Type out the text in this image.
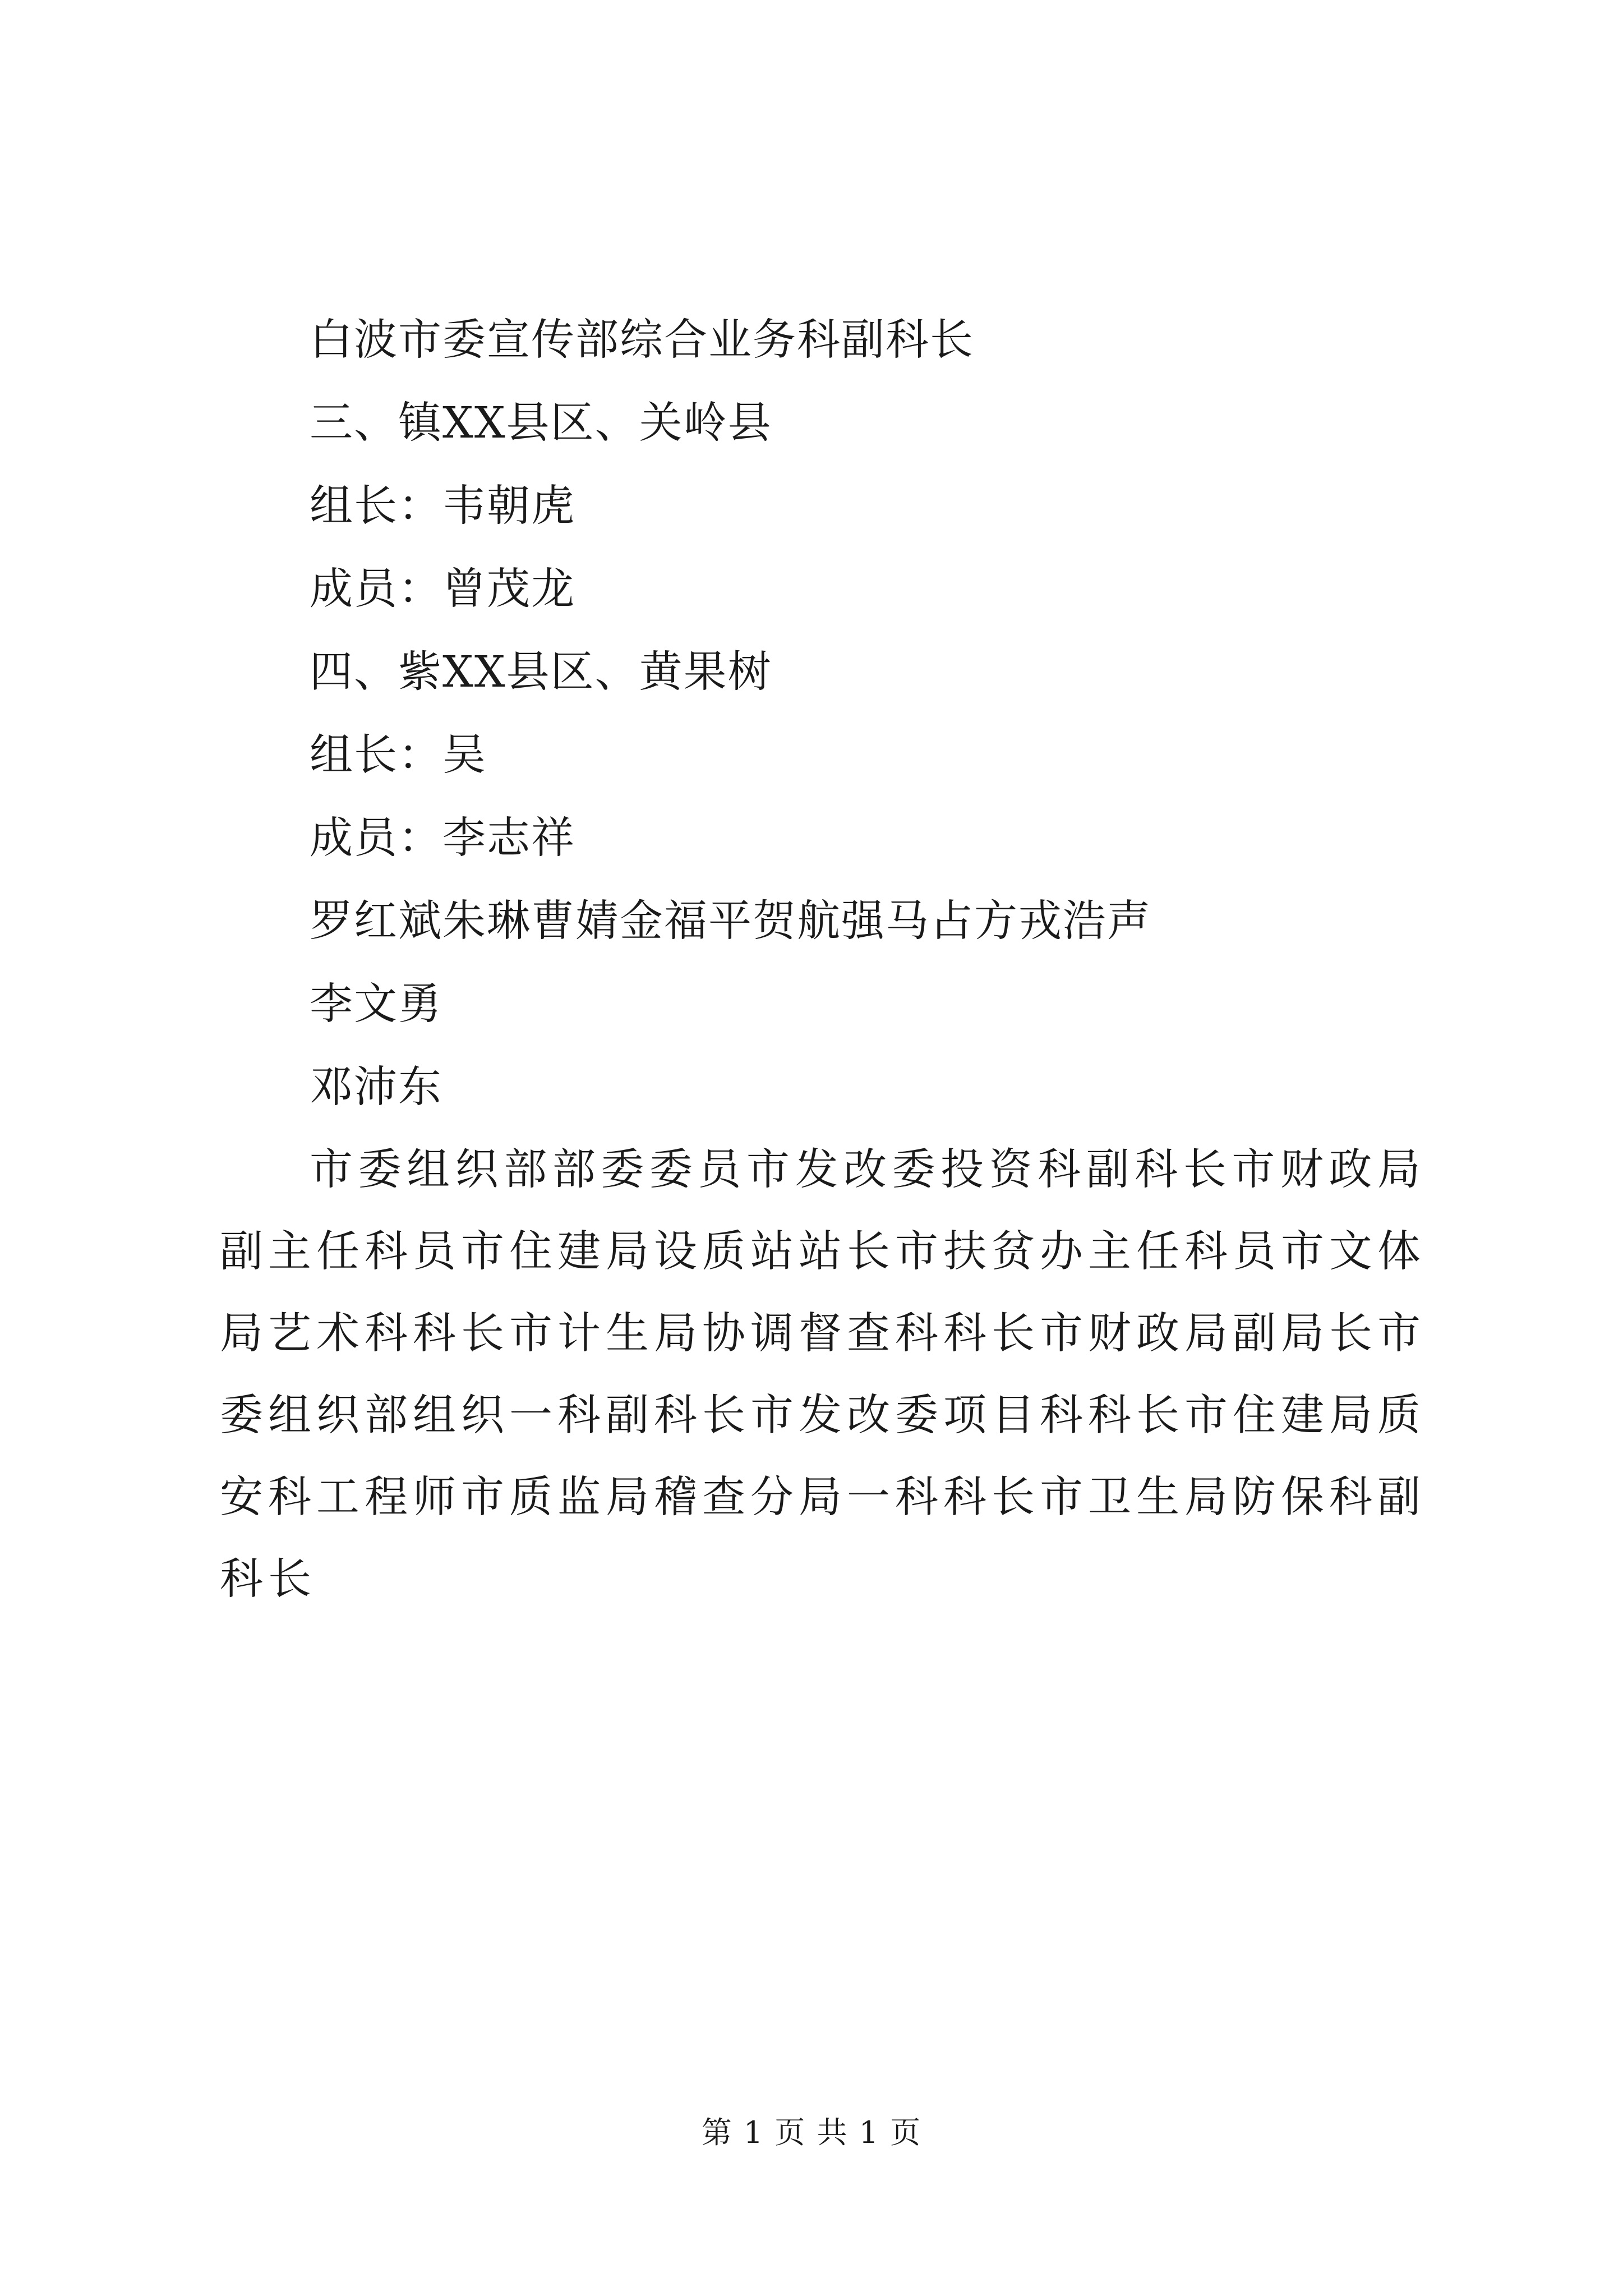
白波市委宣传部综合业务科副科长
三、镇XX县区、关岭县
组长：韦朝虎
成员：曾茂龙
四、紫XX县区、黄果树
组长：吴
成员：李志祥
罗红斌朱琳曹婧金福平贺航强马占方戎浩声
李文勇
邓沛东

市委组织部部委委员市发改委投资科副科长市财政局副主任科员市住建局设质站站长市扶贫办主任科员市文体局艺术科科长市计生局协调督查科科长市财政局副局长市委组织部组织一科副科长市发改委项目科科长市住建局质安科工程师市质监局稽查分局一科科长市卫生局防保科副科长

第 1 页 共 1 页
